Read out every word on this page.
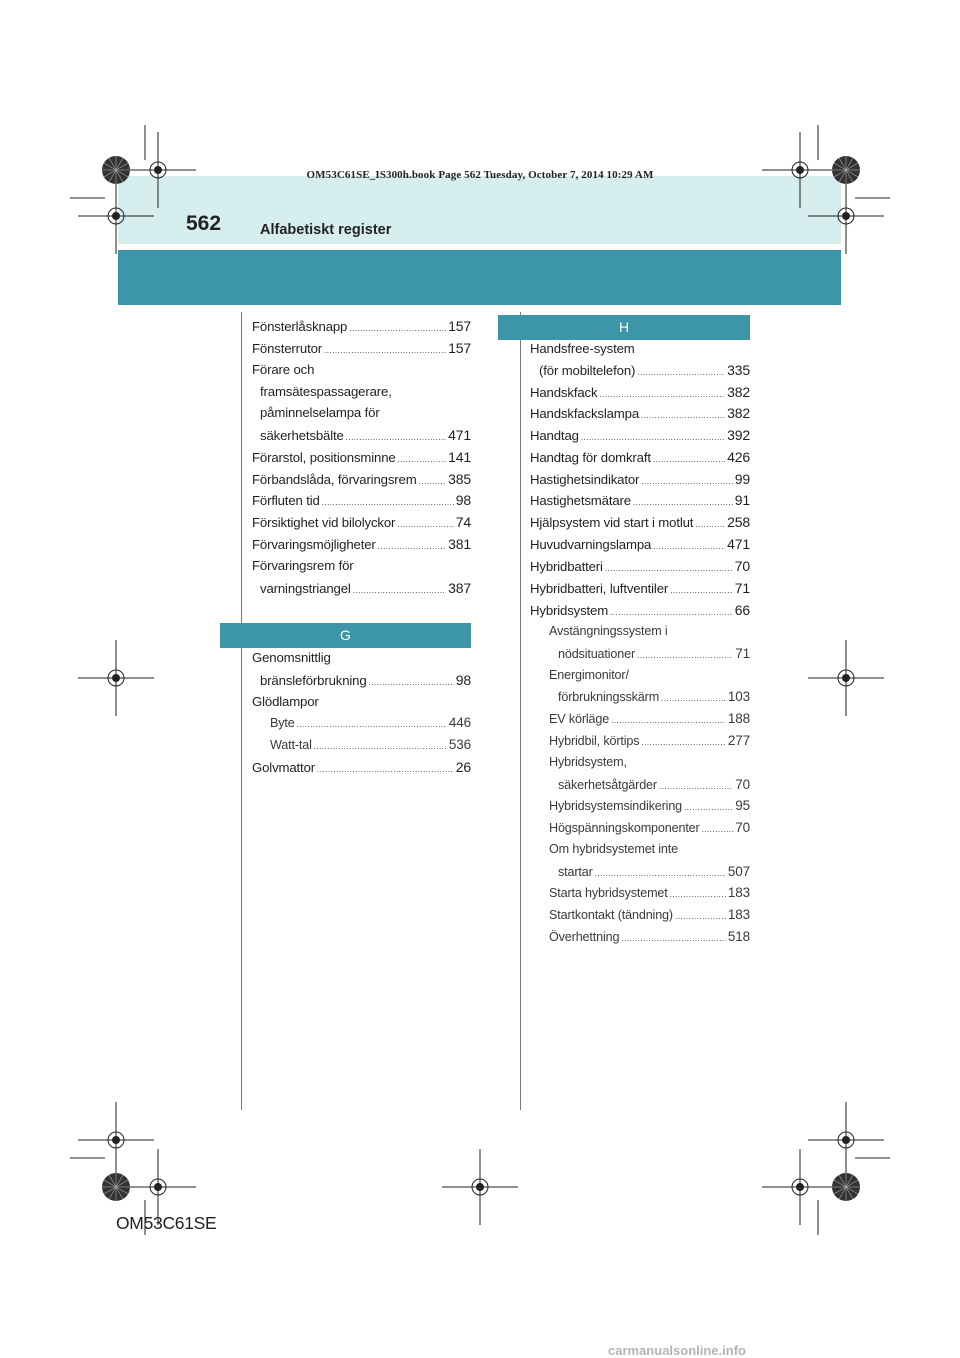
OM53C61SE_IS300h.book Page 562 Tuesday, October 7, 2014 10:29 AM
562	Alfabetiskt register
Fönsterlåsknapp .....	157
Fönsterrutor .....	157
Förare och
framsätespassagerare,
påminnelselampa för
säkerhetsbälte .....	471
Förarstol, positionsminne .....	141
Förbandslåda, förvaringsrem ..... 385
Förfluten tid .....	98
Försiktighet vid bilolyckor .....	74
Förvaringsmöjligheter .....	381
Förvaringsrem för
varningstriangel .....	387
G
Genomsnittlig
bränsleförbrukning .....	98
Glödlampor
Byte .....	446
Watt-tal .....	536
Golvmattor .....	26
H
Handsfree-system
(för mobiltelefon) .....	335
Handskfack .....	382
Handskfackslampa .....	382
Handtag .....	392
Handtag för domkraft .....	426
Hastighetsindikator .....	99
Hastighetsmätare .....	91
Hjälpsystem vid start i motlut ..... 258
Huvudvarningslampa .....	471
Hybridbatteri .....	70
Hybridbatteri, luftventiler .....	71
Hybridsystem .....	66
Avstängningssystem i
nödsituationer .....	71
Energimonitor/
förbrukningsskärm .....	103
EV körläge .....	188
Hybridbil, körtips .....	277
Hybridsystem,
säkerhetsåtgärder .....	70
Hybridsystemsindikering .....	95
Högspänningskomponenter .....	70
Om hybridsystemet inte
startar .....	507
Starta hybridsystemet .....	183
Startkontakt (tändning) .....	183
Överhettning .....	518
OM53C61SE
carmanualsonline.info
